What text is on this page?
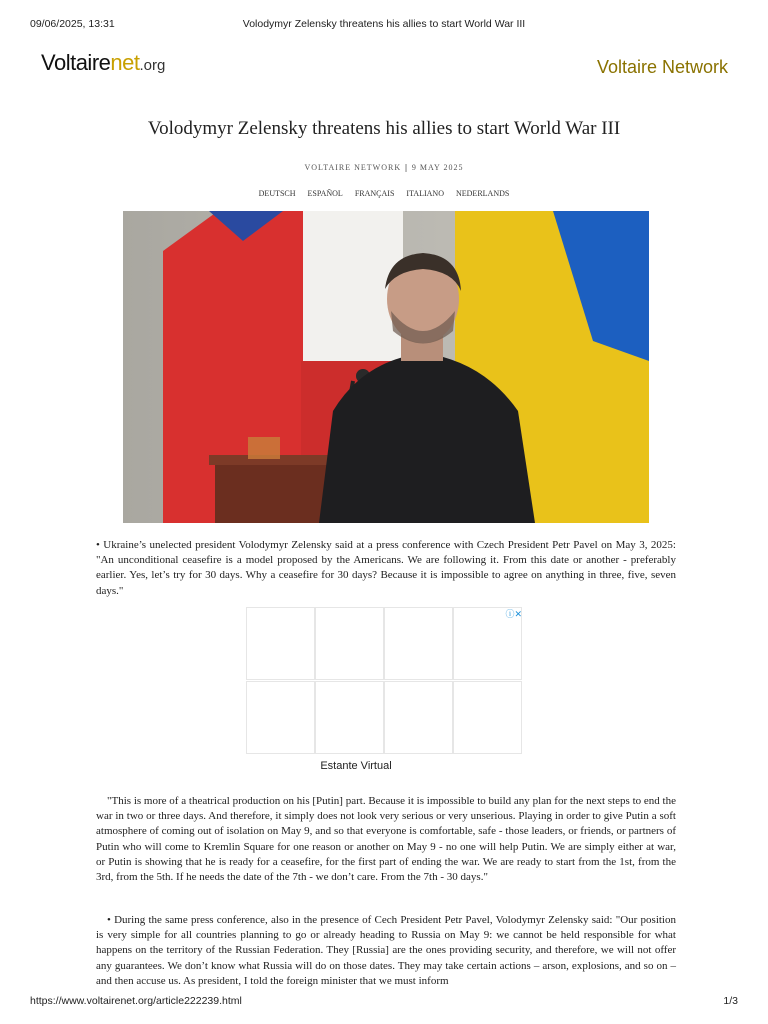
09/06/2025, 13:31	Volodymyr Zelensky threatens his allies to start World War III
Voltairenet.org	Voltaire Network
Volodymyr Zelensky threatens his allies to start World War III
VOLTAIRE NETWORK | 9 MAY 2025
DEUTSCH ESPAÑOL FRANÇAIS ITALIANO NEDERLANDS

• Ukraine’s unelected president Volodymyr Zelensky said at a press conference with Czech President Petr Pavel on May 3, 2025: "An unconditional ceasefire is a model proposed by the Americans. We are following it. From this date or another - preferably earlier. Yes, let’s try for 30 days. Why a ceasefire for 30 days? Because it is impossible to agree on anything in three, five, seven days."

ⓘ✕
Estante Virtual

"This is more of a theatrical production on his [Putin] part. Because it is impossible to build any plan for the next steps to end the war in two or three days. And therefore, it simply does not look very serious or very unserious. Playing in order to give Putin a soft atmosphere of coming out of isolation on May 9, and so that everyone is comfortable, safe - those leaders, or friends, or partners of Putin who will come to Kremlin Square for one reason or another on May 9 - no one will help Putin. We are simply either at war, or Putin is showing that he is ready for a ceasefire, for the first part of ending the war. We are ready to start from the 1st, from the 3rd, from the 5th. If he needs the date of the 7th - we don’t care. From the 7th - 30 days."

• During the same press conference, also in the presence of Cech President Petr Pavel, Volodymyr Zelensky said: "Our position is very simple for all countries planning to go or already heading to Russia on May 9: we cannot be held responsible for what happens on the territory of the Russian Federation. They [Russia] are the ones providing security, and therefore, we will not offer any guarantees. We don’t know what Russia will do on those dates. They may take certain actions – arson, explosions, and so on – and then accuse us. As president, I told the foreign minister that we must inform

https://www.voltairenet.org/article222239.html	1/3
